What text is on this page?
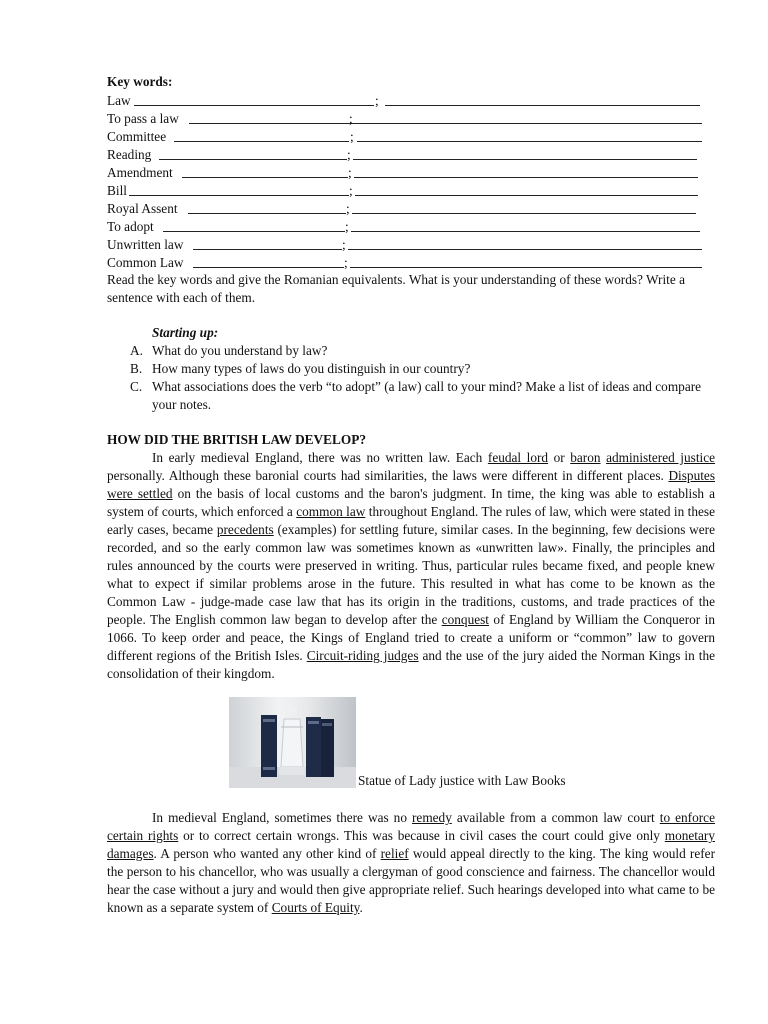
Key words:
Law	;
To pass a law	;
Committee	;
Reading	;
Amendment	;
Bill	;
Royal Assent	;
To adopt	;
Unwritten law	;
Common Law	;
Read the key words and give the Romanian equivalents. What is your understanding of these words? Write a sentence with each of them.
Starting up:
A. What do you understand by law?
B. How many types of laws do you distinguish in our country?
C. What associations does the verb “to adopt” (a law) call to your mind? Make a list of ideas and compare your notes.
HOW DID THE BRITISH LAW DEVELOP?

In early medieval England, there was no written law. Each feudal lord or baron administered justice personally. Although these baronial courts had similarities, the laws were different in different places. Disputes were settled on the basis of local customs and the baron's judgment. In time, the king was able to establish a system of courts, which enforced a common law throughout England. The rules of law, which were stated in these early cases, became precedents (examples) for settling future, similar cases. In the beginning, few decisions were recorded, and so the early common law was sometimes known as «unwritten law». Finally, the principles and rules announced by the courts were preserved in writing. Thus, particular rules became fixed, and people knew what to expect if similar problems arose in the future. This resulted in what has come to be known as the Common Law - judge-made case law that has its origin in the traditions, customs, and trade practices of the people. The English common law began to develop after the conquest of England by William the Conqueror in 1066. To keep order and peace, the Kings of England tried to create a uniform or “common” law to govern different regions of the British Isles. Circuit-riding judges and the use of the jury aided the Norman Kings in the consolidation of their kingdom.

Statue of Lady justice with Law Books

In medieval England, sometimes there was no remedy available from a common law court to enforce certain rights or to correct certain wrongs. This was because in civil cases the court could give only monetary damages. A person who wanted any other kind of relief would appeal directly to the king. The king would refer the person to his chancellor, who was usually a clergyman of good conscience and fairness. The chancellor would hear the case without a jury and would then give appropriate relief. Such hearings developed into what came to be known as a separate system of Courts of Equity.
